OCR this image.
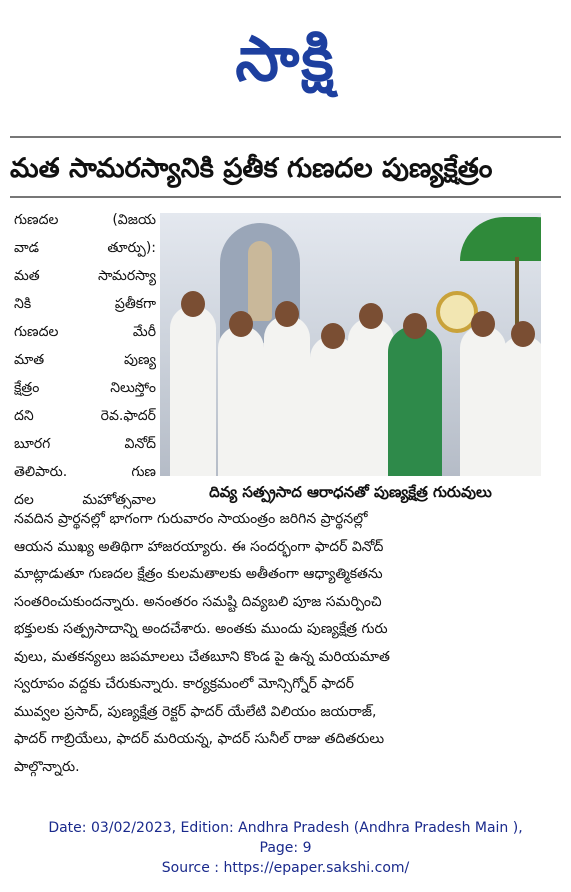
సాక్షి
మత సామరస్యానికి ప్రతీక గుణదల పుణ్యక్షేత్రం
గుణదల (విజయ
వాడ తూర్పు):
మత సామరస్యా
నికి ప్రతీకగా
గుణదల మేరీ
మాత పుణ్య
క్షేత్రం నిలుస్తోం
దని రెవ.ఫాదర్
బూరగ వినోద్
తెలిపారు. గుణ
దల మహోత్సవాల	దివ్య సత్ప్రసాద ఆరాధనతో పుణ్యక్షేత్ర గురువులు
నవదిన ప్రార్థనల్లో భాగంగా గురువారం సాయంత్రం జరిగిన ప్రార్థనల్లో
ఆయన ముఖ్య అతిథిగా హాజరయ్యారు. ఈ సందర్భంగా ఫాదర్ వినోద్
మాట్లాడుతూ గుణదల క్షేత్రం కులమతాలకు అతీతంగా ఆధ్యాత్మికతను
సంతరించుకుందన్నారు. అనంతరం సమష్టి దివ్యబలి పూజ సమర్పించి
భక్తులకు సత్ప్రసాదాన్ని అందచేశారు. అంతకు ముందు పుణ్యక్షేత్ర గురు
వులు, మతకన్యలు జపమాలలు చేతబూని కొండ పై ఉన్న మరియమాత
స్వరూపం వద్దకు చేరుకున్నారు. కార్యక్రమంలో మోన్సిగ్నోర్ ఫాదర్
మువ్వల ప్రసాద్, పుణ్యక్షేత్ర రెక్టర్ ఫాదర్ యేలేటి విలియం జయరాజ్,
ఫాదర్ గాబ్రియేలు, ఫాదర్ మరియన్న, ఫాదర్ సునీల్ రాజు తదితరులు
పాల్గొన్నారు.
Date: 03/02/2023, Edition: Andhra Pradesh (Andhra Pradesh Main ),
Page: 9
Source : https://epaper.sakshi.com/
